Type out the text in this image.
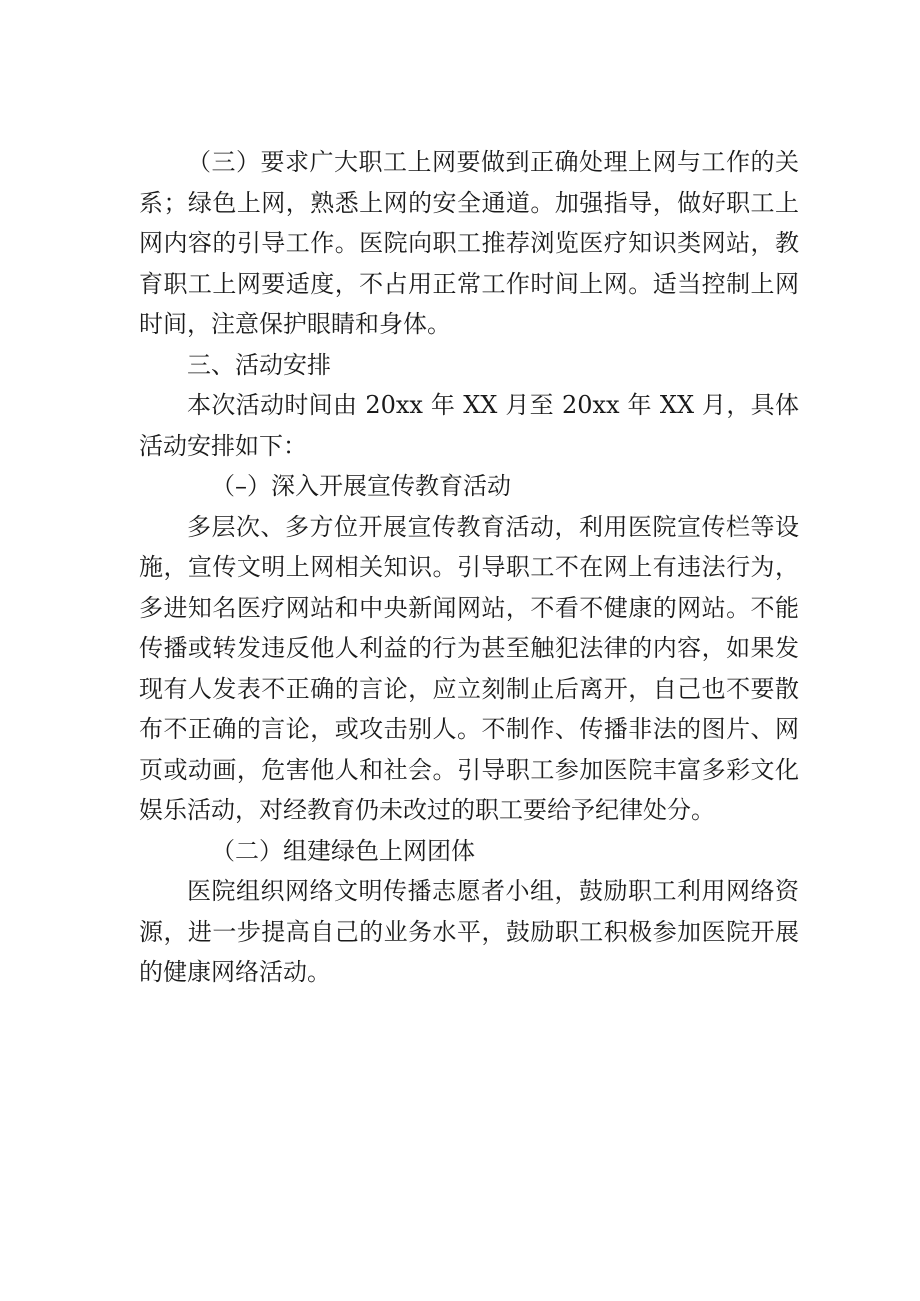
（三）要求广大职工上网要做到正确处理上网与工作的关系；绿色上网，熟悉上网的安全通道。加强指导，做好职工上网内容的引导工作。医院向职工推荐浏览医疗知识类网站，教育职工上网要适度，不占用正常工作时间上网。适当控制上网时间，注意保护眼睛和身体。

三、活动安排

本次活动时间由 20xx 年 XX 月至 20xx 年 XX 月，具体活动安排如下：

（–）深入开展宣传教育活动

多层次、多方位开展宣传教育活动，利用医院宣传栏等设施，宣传文明上网相关知识。引导职工不在网上有违法行为，多进知名医疗网站和中央新闻网站，不看不健康的网站。不能传播或转发违反他人利益的行为甚至触犯法律的内容，如果发现有人发表不正确的言论，应立刻制止后离开，自己也不要散布不正确的言论，或攻击别人。不制作、传播非法的图片、网页或动画，危害他人和社会。引导职工参加医院丰富多彩文化娱乐活动，对经教育仍未改过的职工要给予纪律处分。

（二）组建绿色上网团体

医院组织网络文明传播志愿者小组，鼓励职工利用网络资源，进一步提高自己的业务水平，鼓励职工积极参加医院开展的健康网络活动。
